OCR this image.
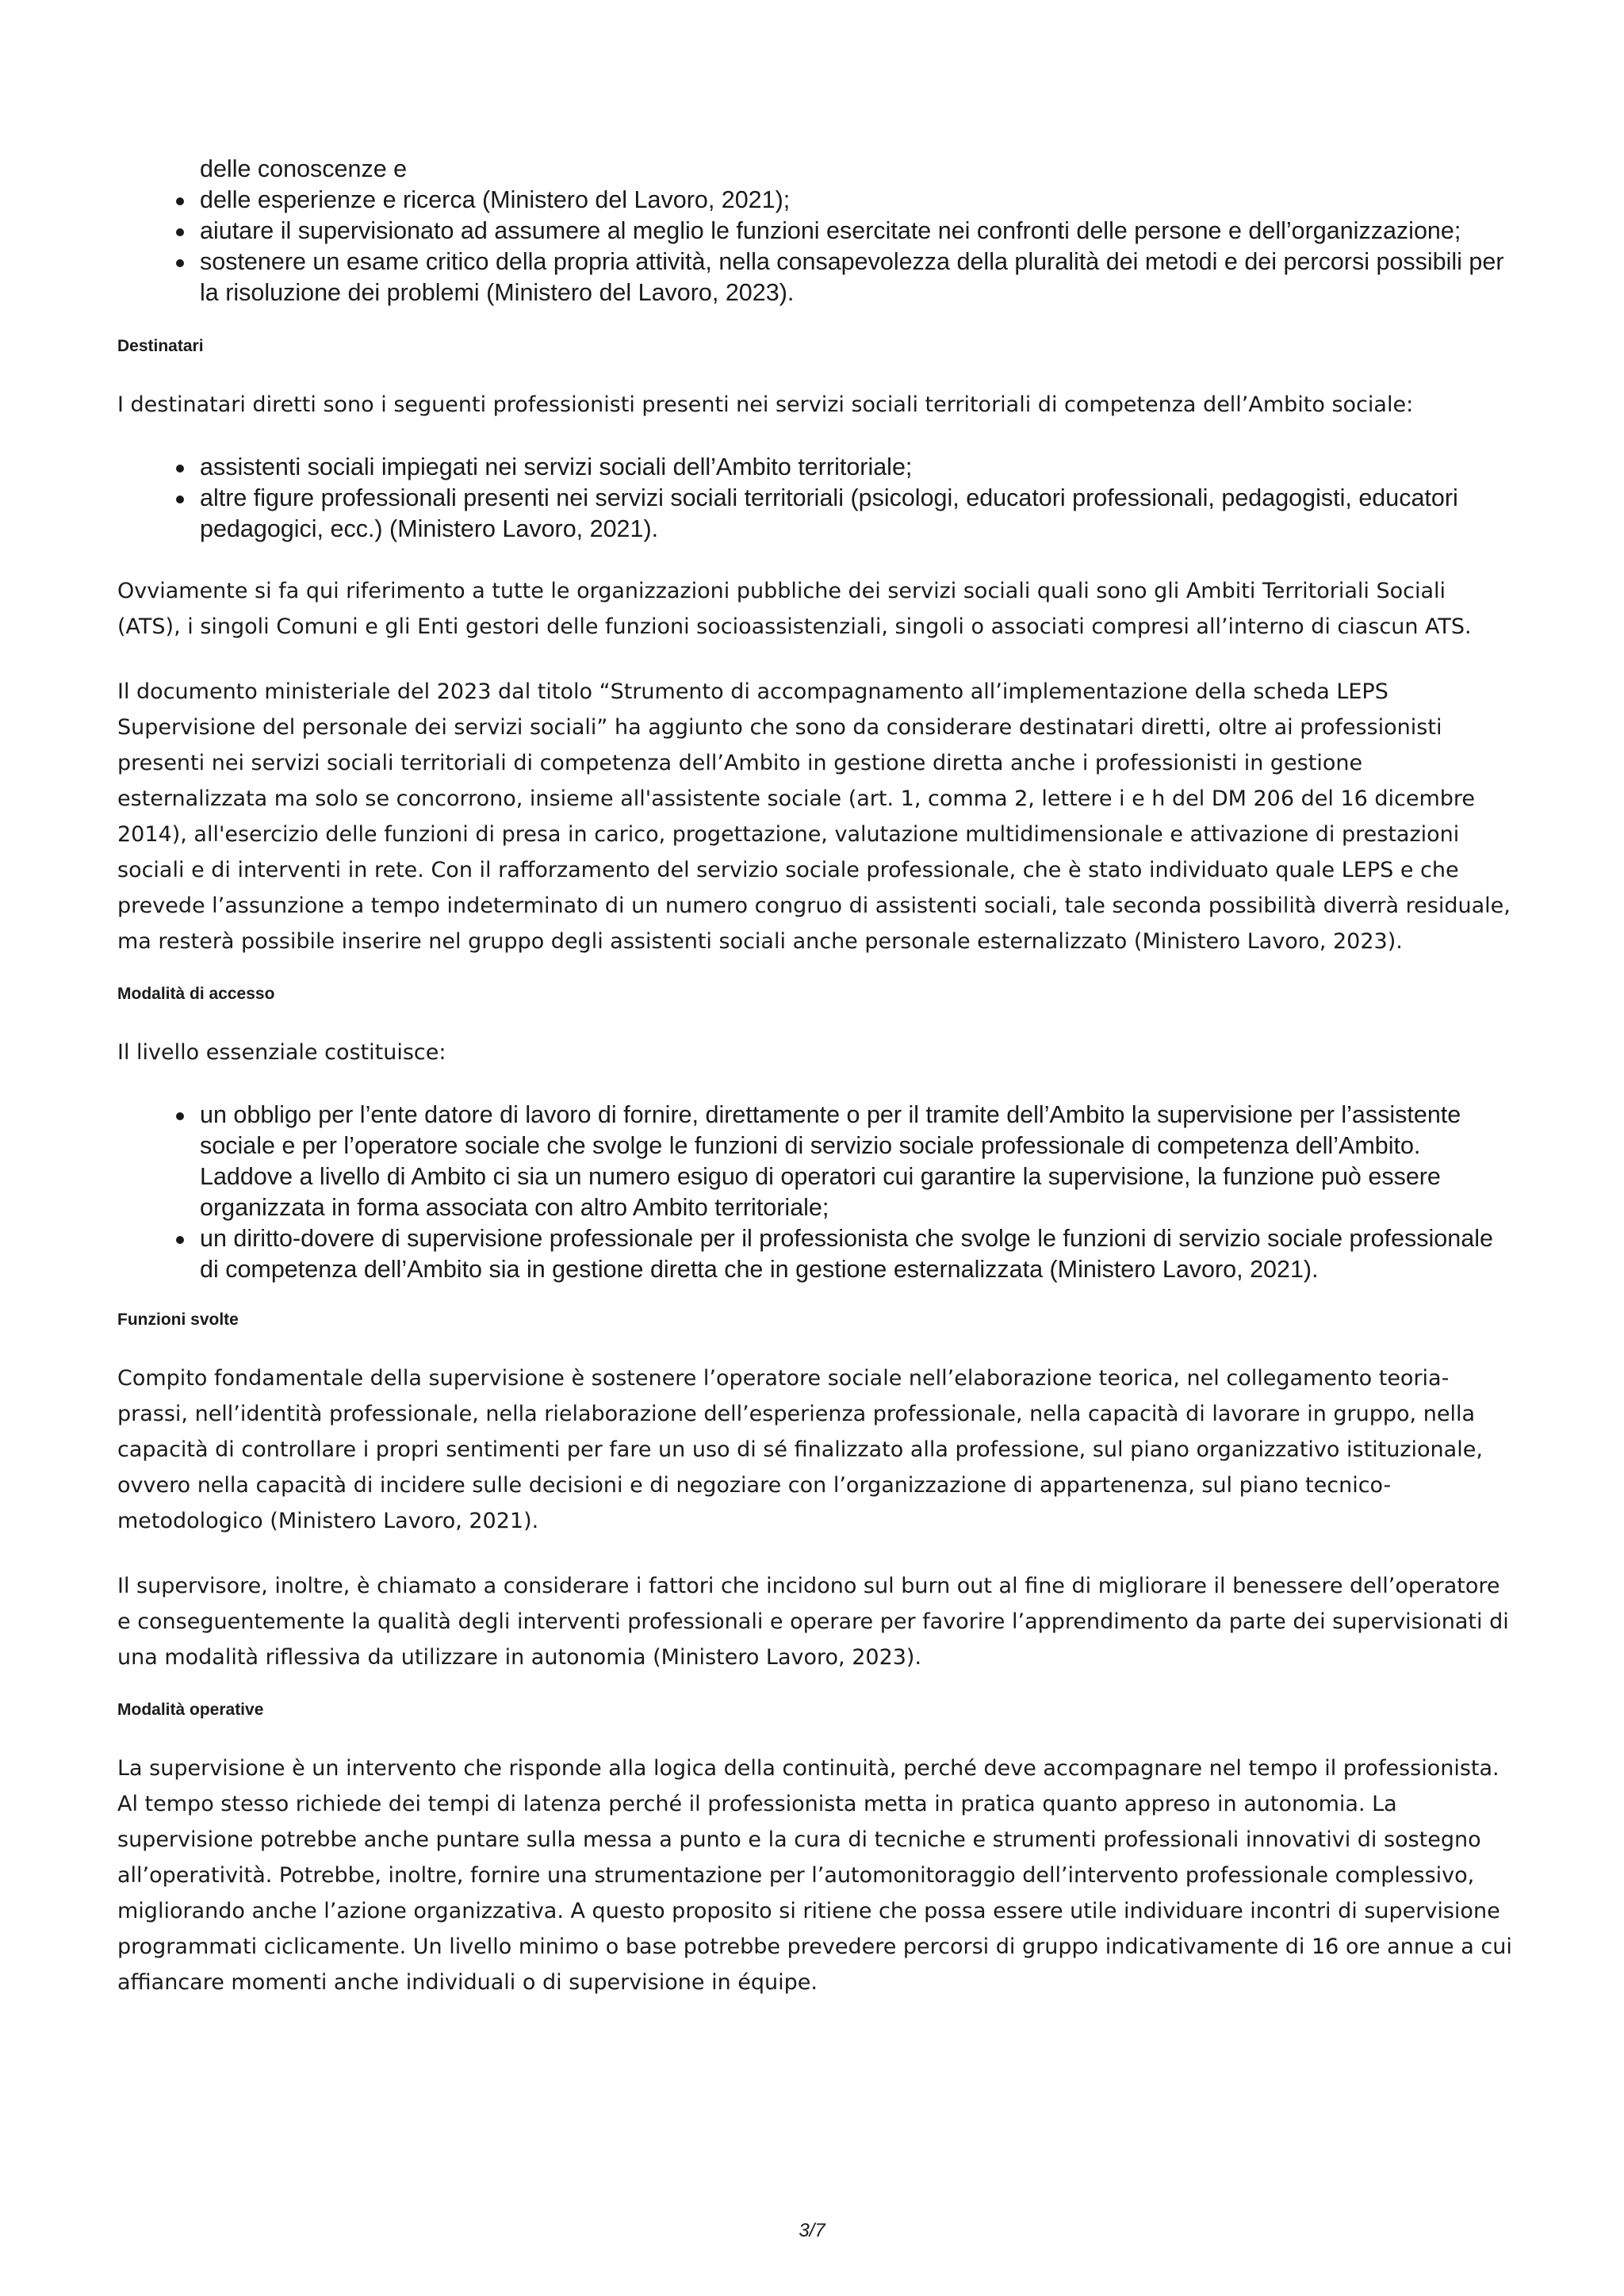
delle conoscenze e
delle esperienze e ricerca (Ministero del Lavoro, 2021);
aiutare il supervisionato ad assumere al meglio le funzioni esercitate nei confronti delle persone e dell’organizzazione;
sostenere un esame critico della propria attività, nella consapevolezza della pluralità dei metodi e dei percorsi possibili per la risoluzione dei problemi (Ministero del Lavoro, 2023).
Destinatari

I destinatari diretti sono i seguenti professionisti presenti nei servizi sociali territoriali di competenza dell’Ambito sociale:

assistenti sociali impiegati nei servizi sociali dell’Ambito territoriale;
altre figure professionali presenti nei servizi sociali territoriali (psicologi, educatori professionali, pedagogisti, educatori pedagogici, ecc.) (Ministero Lavoro, 2021).

Ovviamente si fa qui riferimento a tutte le organizzazioni pubbliche dei servizi sociali quali sono gli Ambiti Territoriali Sociali (ATS), i singoli Comuni e gli Enti gestori delle funzioni socioassistenziali, singoli o associati compresi all’interno di ciascun ATS.

Il documento ministeriale del 2023 dal titolo “Strumento di accompagnamento all’implementazione della scheda LEPS Supervisione del personale dei servizi sociali” ha aggiunto che sono da considerare destinatari diretti, oltre ai professionisti presenti nei servizi sociali territoriali di competenza dell’Ambito in gestione diretta anche i professionisti in gestione esternalizzata ma solo se concorrono, insieme all'assistente sociale (art. 1, comma 2, lettere i e h del DM 206 del 16 dicembre 2014), all'esercizio delle funzioni di presa in carico, progettazione, valutazione multidimensionale e attivazione di prestazioni sociali e di interventi in rete. Con il rafforzamento del servizio sociale professionale, che è stato individuato quale LEPS e che prevede l’assunzione a tempo indeterminato di un numero congruo di assistenti sociali, tale seconda possibilità diverrà residuale, ma resterà possibile inserire nel gruppo degli assistenti sociali anche personale esternalizzato (Ministero Lavoro, 2023).

Modalità di accesso

Il livello essenziale costituisce:

un obbligo per l’ente datore di lavoro di fornire, direttamente o per il tramite dell’Ambito la supervisione per l’assistente sociale e per l’operatore sociale che svolge le funzioni di servizio sociale professionale di competenza dell’Ambito. Laddove a livello di Ambito ci sia un numero esiguo di operatori cui garantire la supervisione, la funzione può essere organizzata in forma associata con altro Ambito territoriale;
un diritto-dovere di supervisione professionale per il professionista che svolge le funzioni di servizio sociale professionale di competenza dell’Ambito sia in gestione diretta che in gestione esternalizzata (Ministero Lavoro, 2021).
Funzioni svolte

Compito fondamentale della supervisione è sostenere l’operatore sociale nell’elaborazione teorica, nel collegamento teoria-prassi, nell’identità professionale, nella rielaborazione dell’esperienza professionale, nella capacità di lavorare in gruppo, nella capacità di controllare i propri sentimenti per fare un uso di sé finalizzato alla professione, sul piano organizzativo istituzionale, ovvero nella capacità di incidere sulle decisioni e di negoziare con l’organizzazione di appartenenza, sul piano tecnico-metodologico (Ministero Lavoro, 2021).

Il supervisore, inoltre, è chiamato a considerare i fattori che incidono sul burn out al fine di migliorare il benessere dell’operatore e conseguentemente la qualità degli interventi professionali e operare per favorire l’apprendimento da parte dei supervisionati di una modalità riflessiva da utilizzare in autonomia (Ministero Lavoro, 2023).

Modalità operative

La supervisione è un intervento che risponde alla logica della continuità, perché deve accompagnare nel tempo il professionista. Al tempo stesso richiede dei tempi di latenza perché il professionista metta in pratica quanto appreso in autonomia. La supervisione potrebbe anche puntare sulla messa a punto e la cura di tecniche e strumenti professionali innovativi di sostegno all’operatività. Potrebbe, inoltre, fornire una strumentazione per l’automonitoraggio dell’intervento professionale complessivo, migliorando anche l’azione organizzativa. A questo proposito si ritiene che possa essere utile individuare incontri di supervisione programmati ciclicamente. Un livello minimo o base potrebbe prevedere percorsi di gruppo indicativamente di 16 ore annue a cui affiancare momenti anche individuali o di supervisione in équipe.

3/7
